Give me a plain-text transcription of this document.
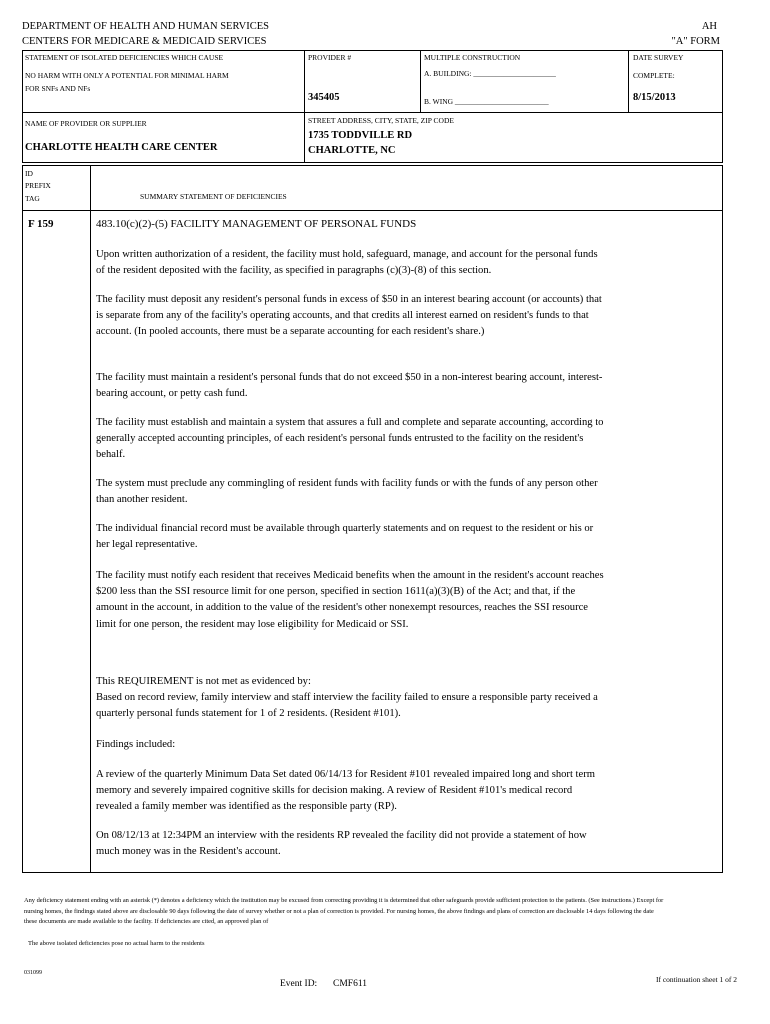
DEPARTMENT OF HEALTH AND HUMAN SERVICES
CENTERS FOR MEDICARE & MEDICAID SERVICES
AH
"A" FORM
STATEMENT OF ISOLATED DEFICIENCIES WHICH CAUSE
NO HARM WITH ONLY A POTENTIAL FOR MINIMAL HARM
FOR SNFs AND NFs
PROVIDER #
345405
MULTIPLE CONSTRUCTION
A. BUILDING: ______________________
B. WING _________________________
DATE SURVEY
COMPLETE:
8/15/2013
NAME OF PROVIDER OR SUPPLIER
CHARLOTTE HEALTH CARE CENTER
STREET ADDRESS, CITY, STATE, ZIP CODE
1735 TODDVILLE RD
CHARLOTTE, NC
ID
PREFIX
TAG	SUMMARY STATEMENT OF DEFICIENCIES
F 159	483.10(c)(2)-(5) FACILITY MANAGEMENT OF PERSONAL FUNDS

Upon written authorization of a resident, the facility must hold, safeguard, manage, and account for the personal funds of the resident deposited with the facility, as specified in paragraphs (c)(3)-(8) of this section.

The facility must deposit any resident's personal funds in excess of $50 in an interest bearing account (or accounts) that is separate from any of the facility's operating accounts, and that credits all interest earned on resident's funds to that account. (In pooled accounts, there must be a separate accounting for each resident's share.)

The facility must maintain a resident's personal funds that do not exceed $50 in a non-interest bearing account, interest-bearing account, or petty cash fund.

The facility must establish and maintain a system that assures a full and complete and separate accounting, according to generally accepted accounting principles, of each resident's personal funds entrusted to the facility on the resident's behalf.

The system must preclude any commingling of resident funds with facility funds or with the funds of any person other than another resident.

The individual financial record must be available through quarterly statements and on request to the resident or his or her legal representative.

The facility must notify each resident that receives Medicaid benefits when the amount in the resident's account reaches $200 less than the SSI resource limit for one person, specified in section 1611(a)(3)(B) of the Act; and that, if the amount in the account, in addition to the value of the resident's other nonexempt resources, reaches the SSI resource limit for one person, the resident may lose eligibility for Medicaid or SSI.

This REQUIREMENT is not met as evidenced by:
Based on record review, family interview and staff interview the facility failed to ensure a responsible party received a quarterly personal funds statement for 1 of 2 residents. (Resident #101).

Findings included:

A review of the quarterly Minimum Data Set dated 06/14/13 for Resident #101 revealed impaired long and short term memory and severely impaired cognitive skills for decision making. A review of Resident #101's medical record revealed a family member was identified as the responsible party (RP).

On 08/12/13 at 12:34PM an interview with the residents RP revealed the facility did not provide a statement of how much money was in the Resident's account.

Any deficiency statement ending with an asterisk (*) denotes a deficiency which the institution may be excused from correcting providing it is determined that other safeguards provide sufficient protection to the patients. (See instructions.) Except for nursing homes, the findings stated above are disclosable 90 days following the date of survey whether or not a plan of correction is provided. For nursing homes, the above findings and plans of correction are disclosable 14 days following the date these documents are made available to the facility. If deficiencies are cited, an approved plan of
The above isolated deficiencies pose no actual harm to the residents
031099
Event ID: CMF611	If continuation sheet 1 of 2
